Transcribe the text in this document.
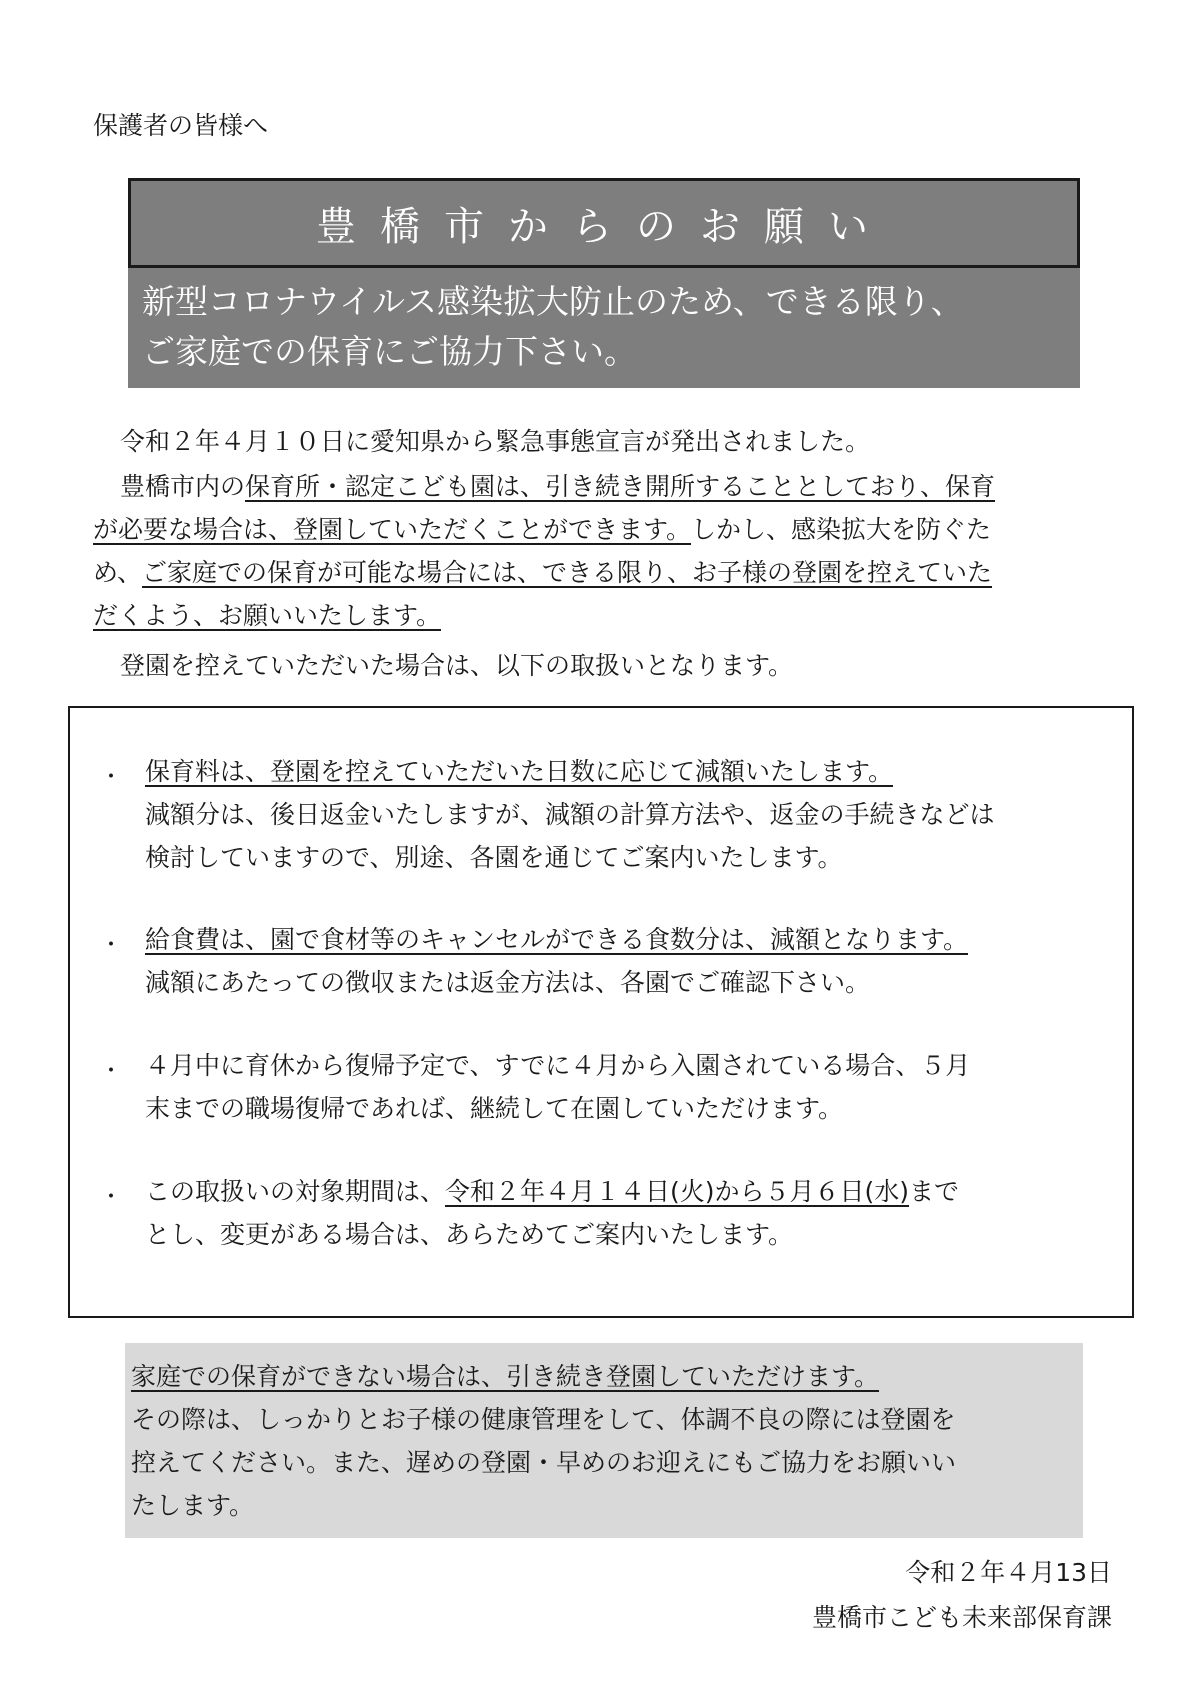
保護者の皆様へ
豊橋市からのお願い
新型コロナウイルス感染拡大防止のため、できる限り、
ご家庭での保育にご協力下さい。
令和２年４月１０日に愛知県から緊急事態宣言が発出されました。
豊橋市内の保育所・認定こども園は、引き続き開所することとしており、保育
が必要な場合は、登園していただくことができます。しかし、感染拡大を防ぐた
め、ご家庭での保育が可能な場合には、できる限り、お子様の登園を控えていた
だくよう、お願いいたします。
登園を控えていただいた場合は、以下の取扱いとなります。
・ 保育料は、登園を控えていただいた日数に応じて減額いたします。
減額分は、後日返金いたしますが、減額の計算方法や、返金の手続きなどは
検討していますので、別途、各園を通じてご案内いたします。
・ 給食費は、園で食材等のキャンセルができる食数分は、減額となります。
減額にあたっての徴収または返金方法は、各園でご確認下さい。
・ ４月中に育休から復帰予定で、すでに４月から入園されている場合、５月
末までの職場復帰であれば、継続して在園していただけます。
・ この取扱いの対象期間は、令和２年４月１４日(火)から５月６日(水)まで
とし、変更がある場合は、あらためてご案内いたします。
家庭での保育ができない場合は、引き続き登園していただけます。
その際は、しっかりとお子様の健康管理をして、体調不良の際には登園を
控えてください。また、遅めの登園・早めのお迎えにもご協力をお願いい
たします。
令和２年４月13日
豊橋市こども未来部保育課
